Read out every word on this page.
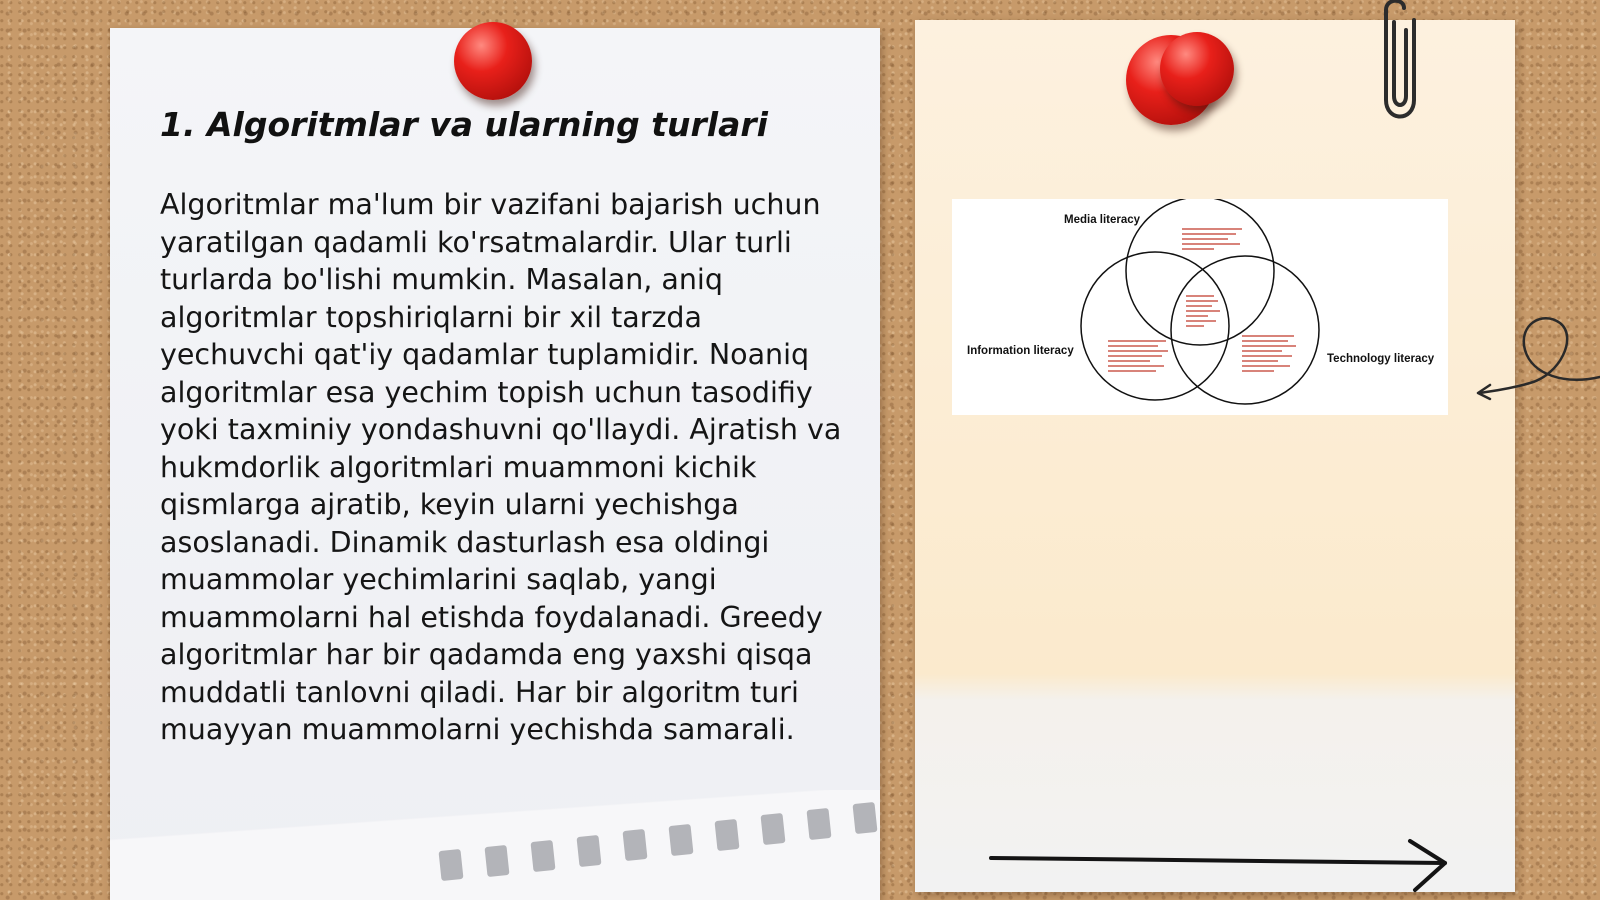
1. Algoritmlar va ularning turlari

Algoritmlar ma'lum bir vazifani bajarish uchun yaratilgan qadamli ko'rsatmalardir. Ular turli turlarda bo'lishi mumkin. Masalan, aniq algoritmlar topshiriqlarni bir xil tarzda yechuvchi qat'iy qadamlar tuplamidir. Noaniq algoritmlar esa yechim topish uchun tasodifiy yoki taxminiy yondashuvni qo'llaydi. Ajratish va hukmdorlik algoritmlari muammoni kichik qismlarga ajratib, keyin ularni yechishga asoslanadi. Dinamik dasturlash esa oldingi muammolar yechimlarini saqlab, yangi muammolarni hal etishda foydalanadi. Greedy algoritmlar har bir qadamda eng yaxshi qisqa muddatli tanlovni qiladi. Har bir algoritm turi muayyan muammolarni yechishda samarali.

Media literacy
Information literacy
Technology literacy
